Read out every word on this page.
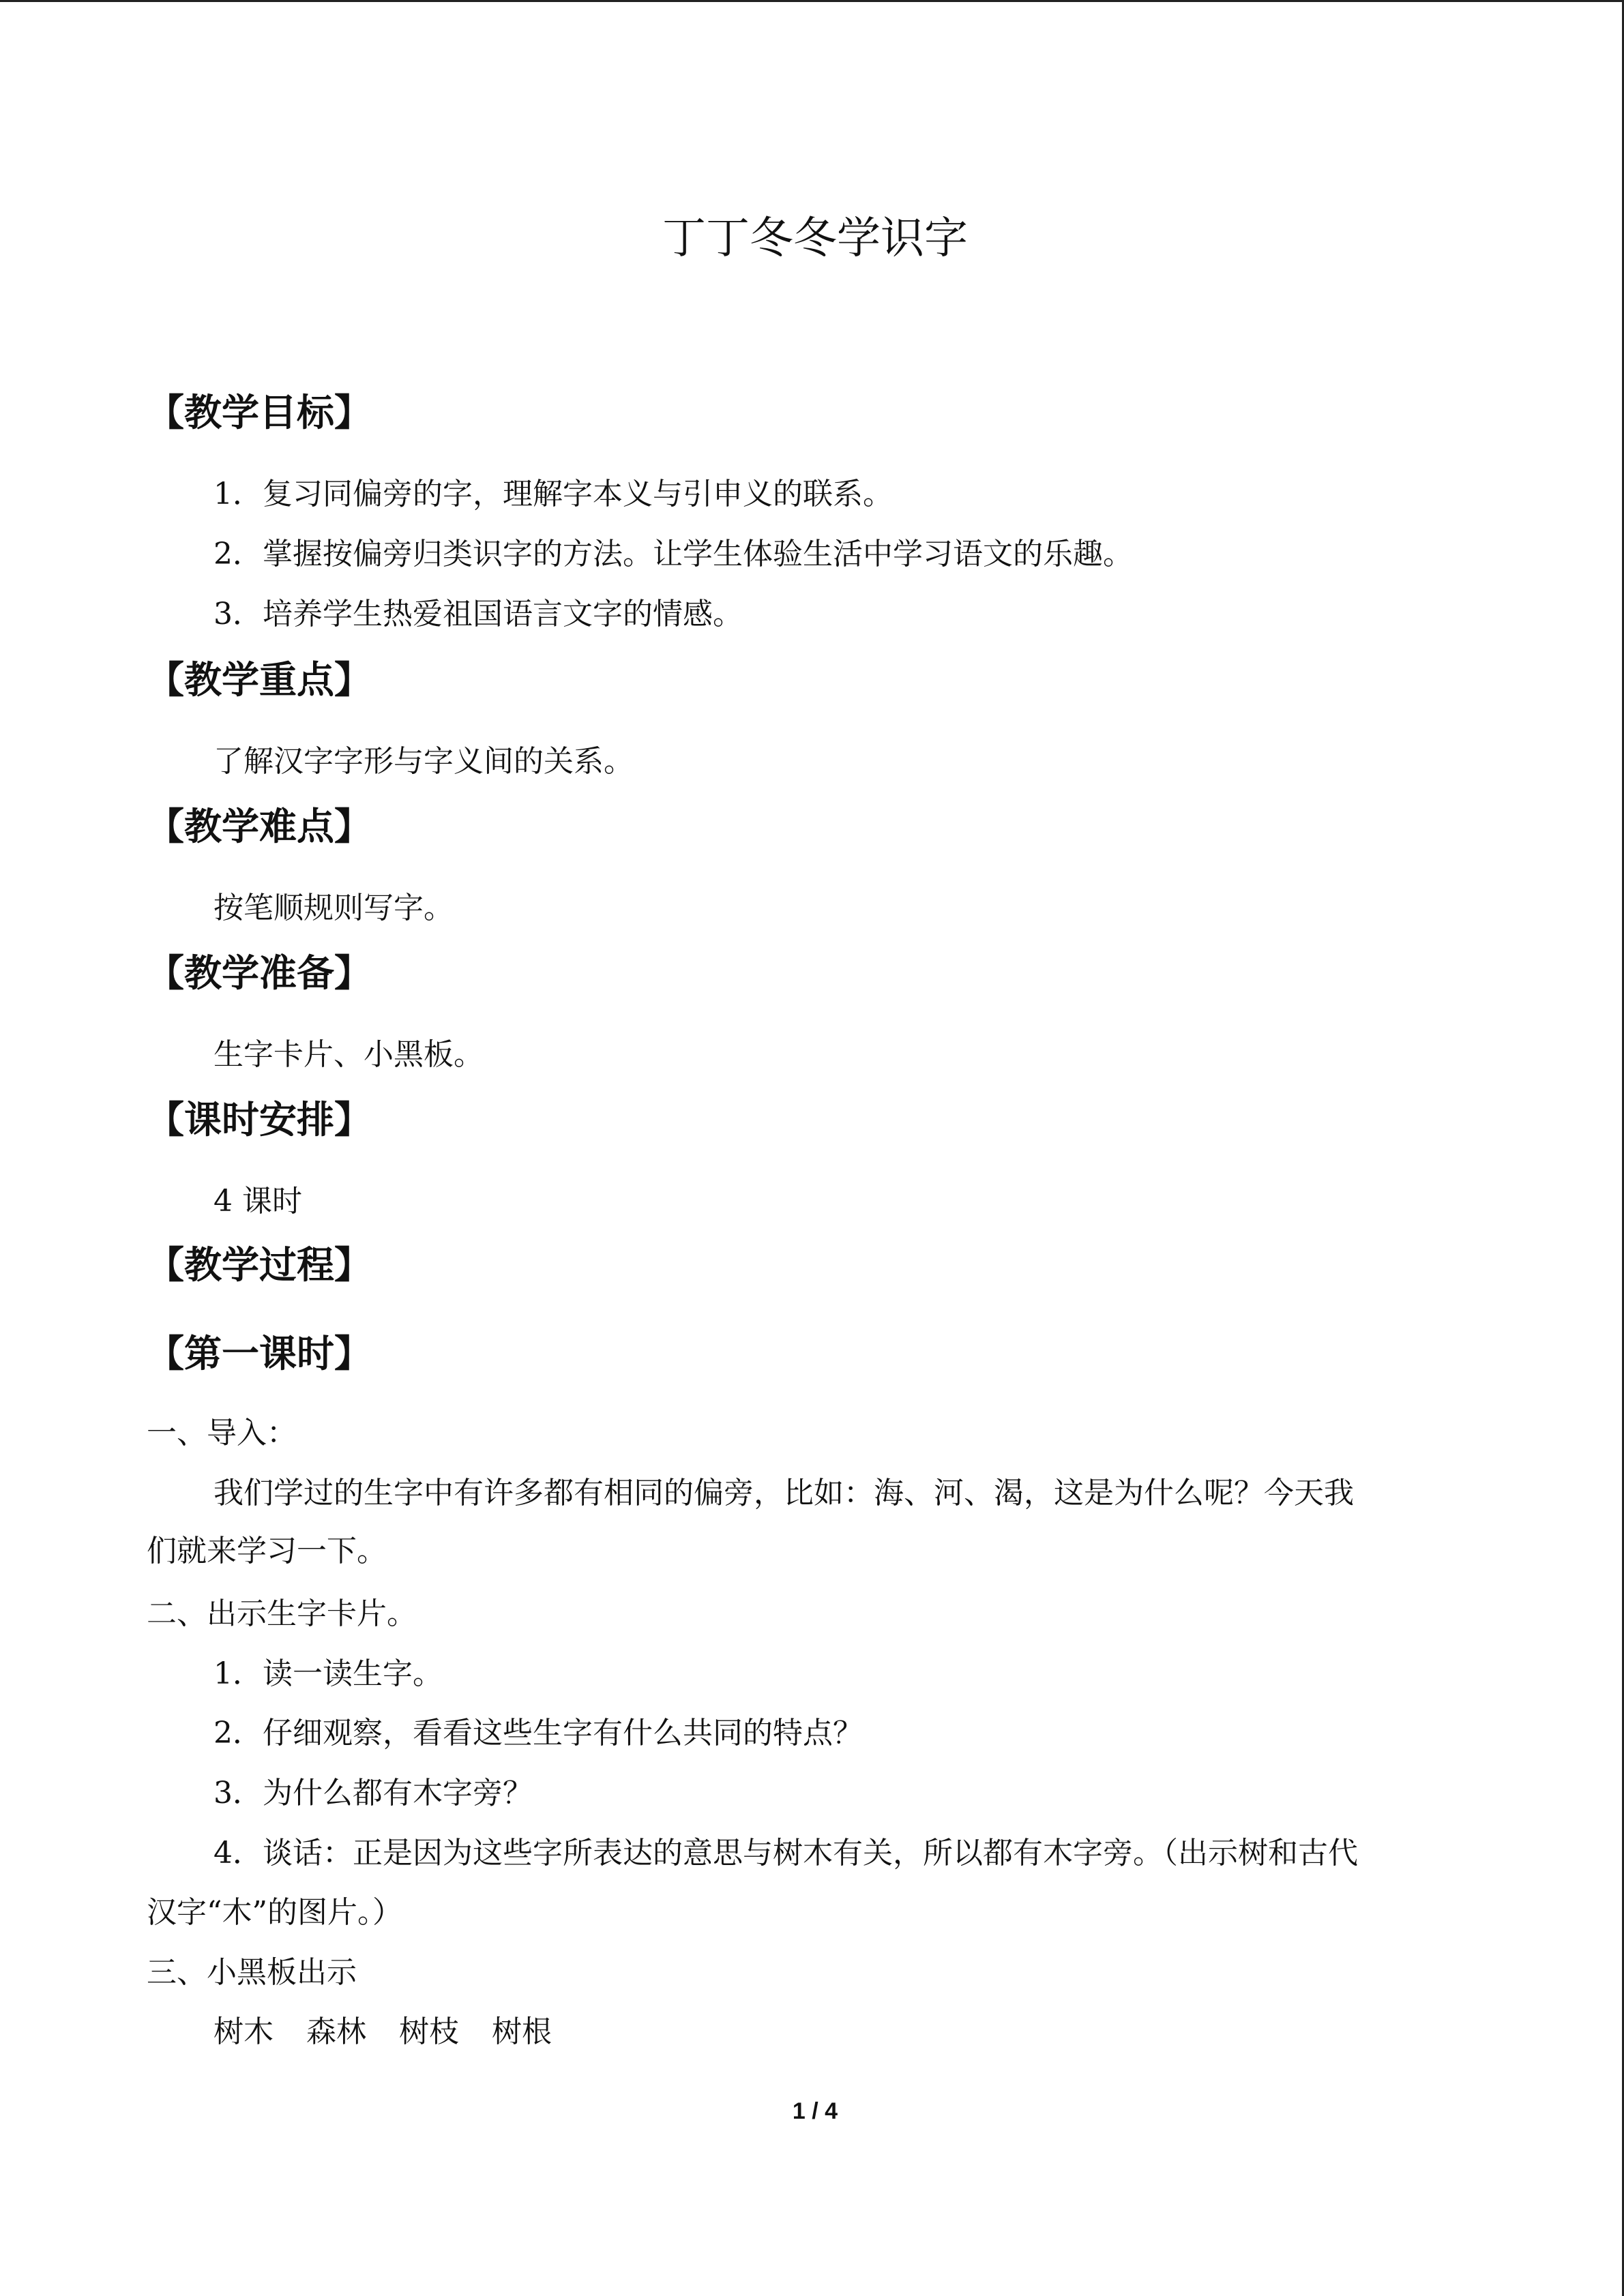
丁丁冬冬学识字
【教学目标】
1．复习同偏旁的字，理解字本义与引申义的联系。
2．掌握按偏旁归类识字的方法。让学生体验生活中学习语文的乐趣。
3．培养学生热爱祖国语言文字的情感。
【教学重点】
了解汉字字形与字义间的关系。
【教学难点】
按笔顺规则写字。
【教学准备】
生字卡片、小黑板。
【课时安排】
4 课时
【教学过程】
【第一课时】
一、导入：
我们学过的生字中有许多都有相同的偏旁，比如：海、河、渴，这是为什么呢？今天我
们就来学习一下。
二、出示生字卡片。
1．读一读生字。
2．仔细观察，看看这些生字有什么共同的特点？
3．为什么都有木字旁？
4．谈话：正是因为这些字所表达的意思与树木有关，所以都有木字旁。（出示树和古代
汉字“木”的图片。）
三、小黑板出示
树木 森林 树枝 树根
1 / 4
